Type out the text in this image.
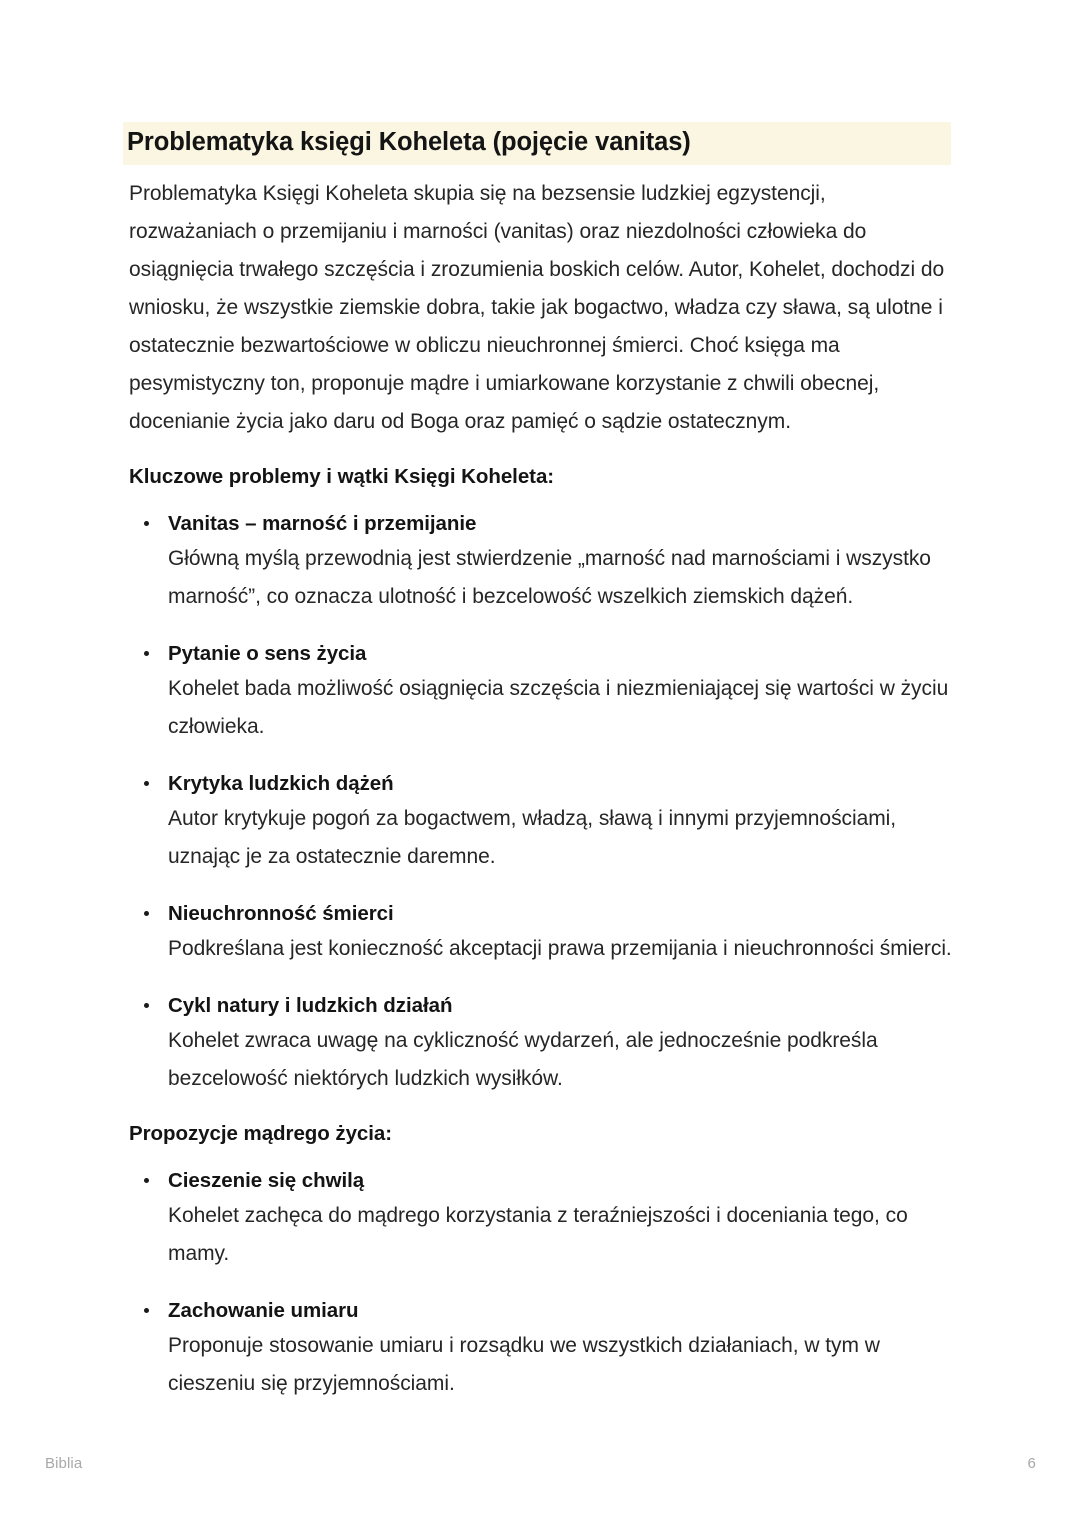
Problematyka księgi Koheleta (pojęcie vanitas)

Problematyka Księgi Koheleta skupia się na bezsensie ludzkiej egzystencji, rozważaniach o przemijaniu i marności (vanitas) oraz niezdolności człowieka do osiągnięcia trwałego szczęścia i zrozumienia boskich celów. Autor, Kohelet, dochodzi do wniosku, że wszystkie ziemskie dobra, takie jak bogactwo, władza czy sława, są ulotne i ostatecznie bezwartościowe w obliczu nieuchronnej śmierci. Choć księga ma pesymistyczny ton, proponuje mądre i umiarkowane korzystanie z chwili obecnej, docenianie życia jako daru od Boga oraz pamięć o sądzie ostatecznym.

Kluczowe problemy i wątki Księgi Koheleta:
Vanitas – marność i przemijanie
Główną myślą przewodnią jest stwierdzenie „marność nad marnościami i wszystko marność”, co oznacza ulotność i bezcelowość wszelkich ziemskich dążeń.
Pytanie o sens życia
Kohelet bada możliwość osiągnięcia szczęścia i niezmieniającej się wartości w życiu człowieka.
Krytyka ludzkich dążeń
Autor krytykuje pogoń za bogactwem, władzą, sławą i innymi przyjemnościami, uznając je za ostatecznie daremne.
Nieuchronność śmierci
Podkreślana jest konieczność akceptacji prawa przemijania i nieuchronności śmierci.
Cykl natury i ludzkich działań
Kohelet zwraca uwagę na cykliczność wydarzeń, ale jednocześnie podkreśla bezcelowość niektórych ludzkich wysiłków.
Propozycje mądrego życia:
Cieszenie się chwilą
Kohelet zachęca do mądrego korzystania z teraźniejszości i doceniania tego, co mamy.
Zachowanie umiaru
Proponuje stosowanie umiaru i rozsądku we wszystkich działaniach, w tym w cieszeniu się przyjemnościami.
Biblia	6
